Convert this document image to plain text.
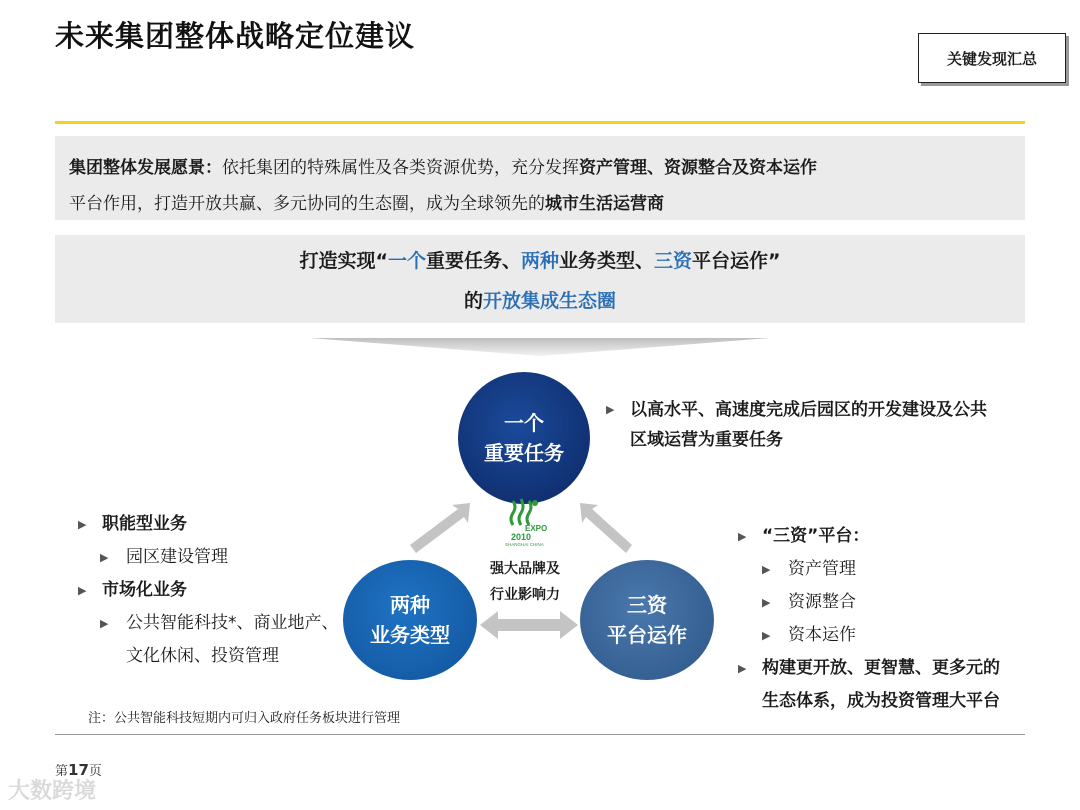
未来集团整体战略定位建议
关键发现汇总
集团整体发展愿景：依托集团的特殊属性及各类资源优势，充分发挥资产管理、资源整合及资本运作
平台作用，打造开放共赢、多元协同的生态圈，成为全球领先的城市生活运营商
打造实现“一个重要任务、两种业务类型、三资平台运作”
的开放集成生态圈
一个
重要任务
两种
业务类型
三资
平台运作
EXPO
2010
SHANGHAI CHINA
强大品牌及
行业影响力
▶ 以高水平、高速度完成后园区的开发建设及公共区域运营为重要任务
▶ 职能型业务
▶ 园区建设管理
▶ 市场化业务
▶ 公共智能科技*、商业地产、文化休闲、投资管理
▶ “三资”平台：
▶ 资产管理
▶ 资源整合
▶ 资本运作
▶ 构建更开放、更智慧、更多元的生态体系，成为投资管理大平台
注：公共智能科技短期内可归入政府任务板块进行管理
第17页
大数跨境
